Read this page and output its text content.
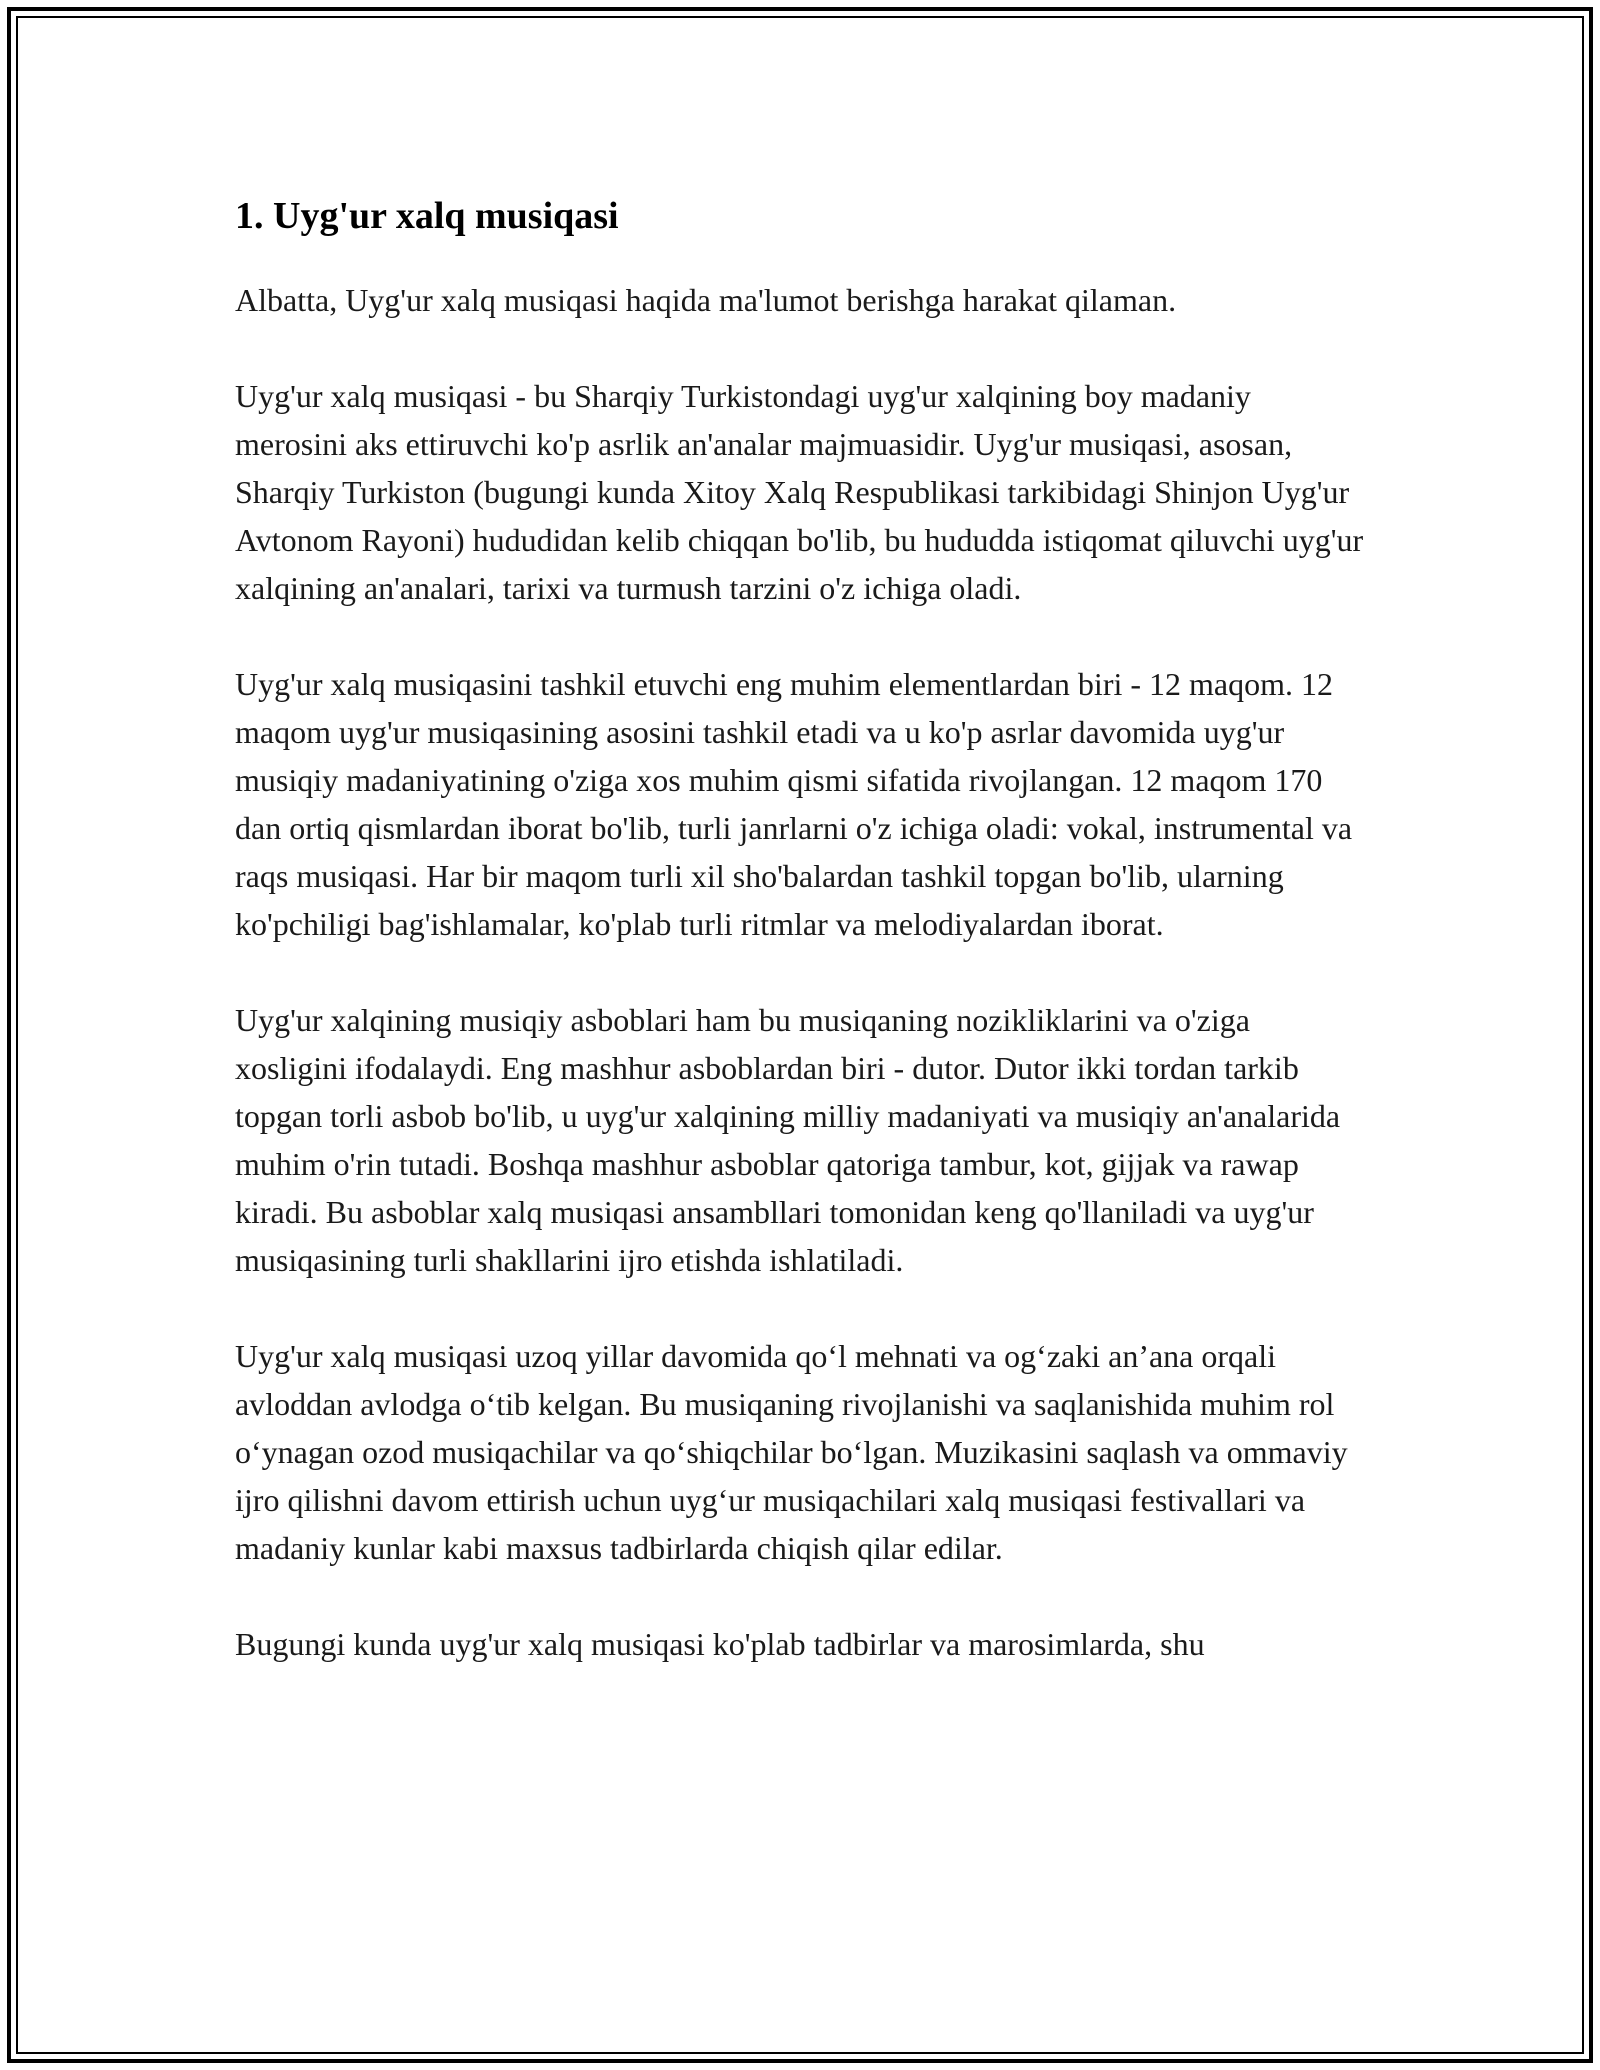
1. Uyg'ur xalq musiqasi

Albatta, Uyg'ur xalq musiqasi haqida ma'lumot berishga harakat qilaman.

Uyg'ur xalq musiqasi - bu Sharqiy Turkistondagi uyg'ur xalqining boy madaniy merosini aks ettiruvchi ko'p asrlik an'analar majmuasidir. Uyg'ur musiqasi, asosan, Sharqiy Turkiston (bugungi kunda Xitoy Xalq Respublikasi tarkibidagi Shinjon Uyg'ur Avtonom Rayoni) hududidan kelib chiqqan bo'lib, bu hududda istiqomat qiluvchi uyg'ur xalqining an'analari, tarixi va turmush tarzini o'z ichiga oladi.

Uyg'ur xalq musiqasini tashkil etuvchi eng muhim elementlardan biri - 12 maqom. 12 maqom uyg'ur musiqasining asosini tashkil etadi va u ko'p asrlar davomida uyg'ur musiqiy madaniyatining o'ziga xos muhim qismi sifatida rivojlangan. 12 maqom 170 dan ortiq qismlardan iborat bo'lib, turli janrlarni o'z ichiga oladi: vokal, instrumental va raqs musiqasi. Har bir maqom turli xil sho'balardan tashkil topgan bo'lib, ularning ko'pchiligi bag'ishlamalar, ko'plab turli ritmlar va melodiyalardan iborat.

Uyg'ur xalqining musiqiy asboblari ham bu musiqaning nozikliklarini va o'ziga xosligini ifodalaydi. Eng mashhur asboblardan biri - dutor. Dutor ikki tordan tarkib topgan torli asbob bo'lib, u uyg'ur xalqining milliy madaniyati va musiqiy an'analarida muhim o'rin tutadi. Boshqa mashhur asboblar qatoriga tambur, kot, gijjak va rawap kiradi. Bu asboblar xalq musiqasi ansambllari tomonidan keng qo'llaniladi va uyg'ur musiqasining turli shakllarini ijro etishda ishlatiladi.

Uyg'ur xalq musiqasi uzoq yillar davomida qo‘l mehnati va og‘zaki an’ana orqali avloddan avlodga o‘tib kelgan. Bu musiqaning rivojlanishi va saqlanishida muhim rol o‘ynagan ozod musiqachilar va qo‘shiqchilar bo‘lgan. Muzikasini saqlash va ommaviy ijro qilishni davom ettirish uchun uyg‘ur musiqachilari xalq musiqasi festivallari va madaniy kunlar kabi maxsus tadbirlarda chiqish qilar edilar.

Bugungi kunda uyg'ur xalq musiqasi ko'plab tadbirlar va marosimlarda, shu
